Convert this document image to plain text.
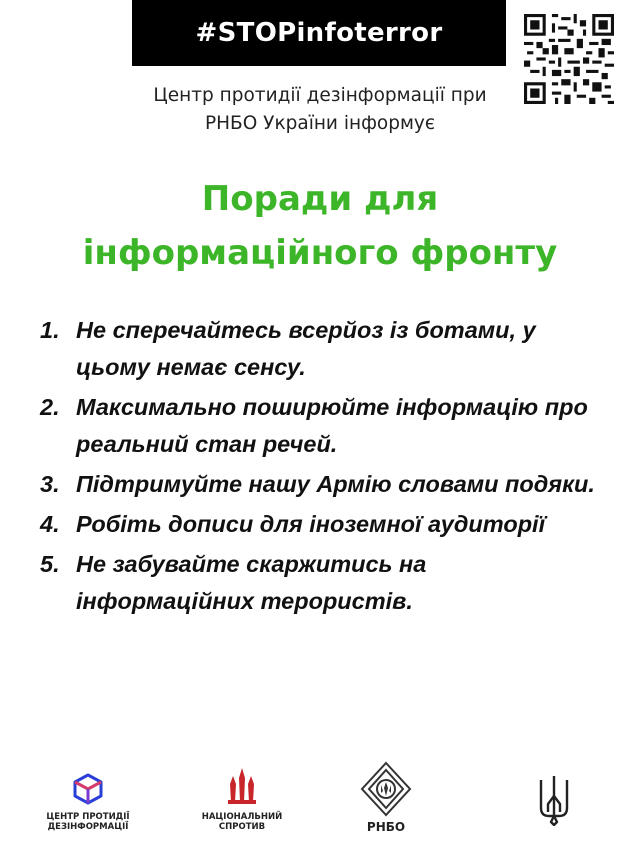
#STOPinfoterror
Центр протидії дезінформації при
РНБО України інформує
Поради для
інформаційного фронту
1. Не сперечайтесь всерйоз із ботами, у цьому немає сенсу.
2. Максимально поширюйте інформацію про реальний стан речей.
3. Підтримуйте нашу Армію словами подяки.
4. Робіть дописи для іноземної аудиторії
5. Не забувайте скаржитись на інформаційних терористів.
ЦЕНТР ПРОТИДІЇ
ДЕЗІНФОРМАЦІЇ
НАЦІОНАЛЬНИЙ
СПРОТИВ	РНБО
